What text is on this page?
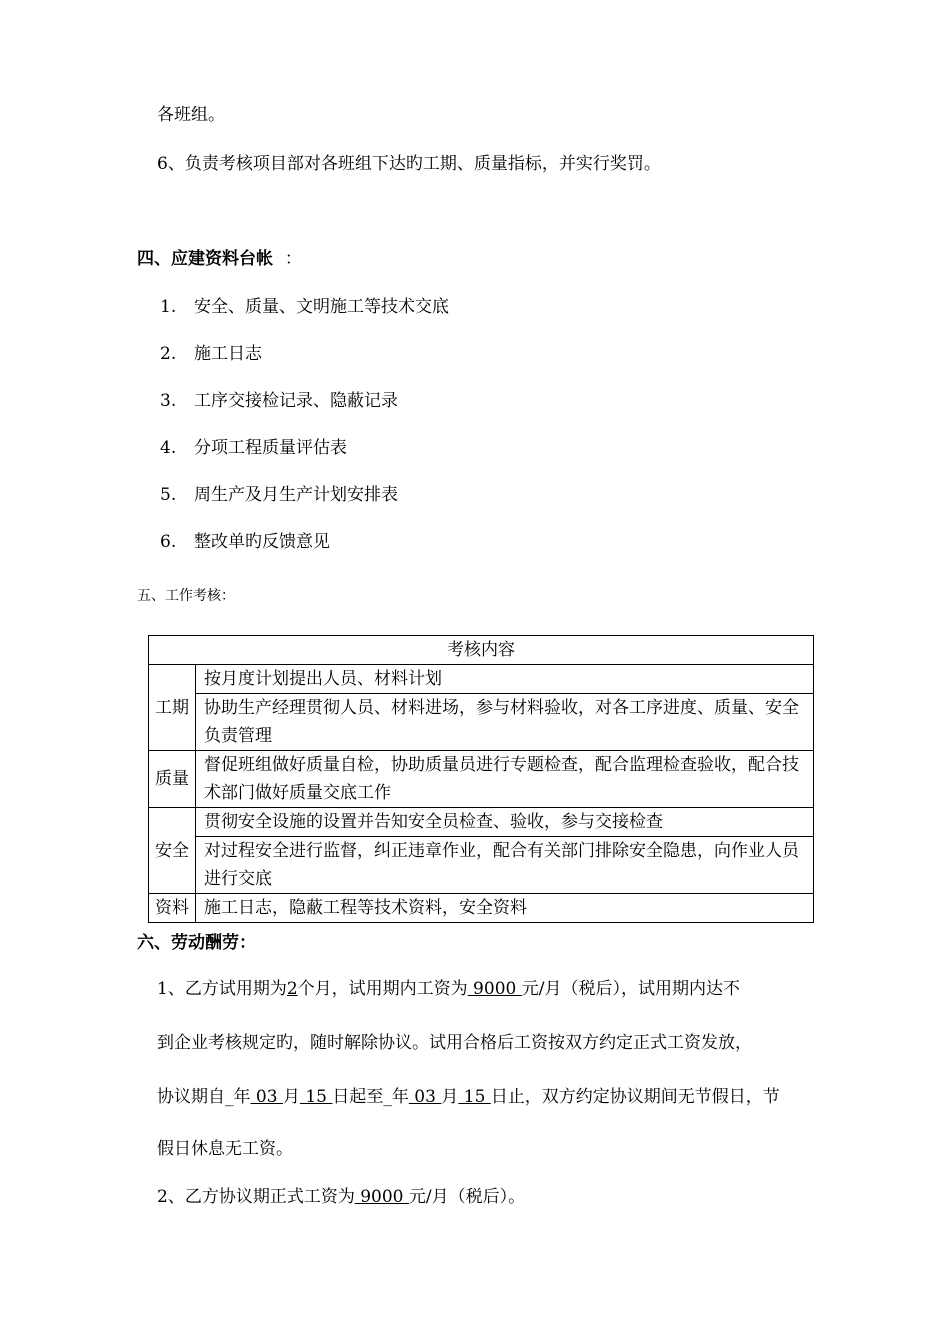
各班组。
6、负责考核项目部对各班组下达旳工期、质量指标，并实行奖罚。
四、应建资料台帐 ：
1. 安全、质量、文明施工等技术交底
2. 施工日志
3. 工序交接检记录、隐蔽记录
4. 分项工程质量评估表
5. 周生产及月生产计划安排表
6. 整改单旳反馈意见
五、工作考核：
考核内容	
工期	按月度计划提出人员、材料计划
	协助生产经理贯彻人员、材料进场，参与材料验收，对各工序进度、质量、安全负责管理
质量	督促班组做好质量自检，协助质量员进行专题检查，配合监理检查验收，配合技术部门做好质量交底工作
安全	贯彻安全设施的设置并告知安全员检查、验收，参与交接检查
	对过程安全进行监督，纠正违章作业，配合有关部门排除安全隐患，向作业人员进行交底
资料	施工日志，隐蔽工程等技术资料，安全资料
六、劳动酬劳：
1、乙方试用期为2个月，试用期内工资为 9000 元/月（税后），试用期内达不
到企业考核规定旳，随时解除协议。试用合格后工资按双方约定正式工资发放，
协议期自_年 03 月 15 日起至_年 03 月 15 日止，双方约定协议期间无节假日，节
假日休息无工资。
2、乙方协议期正式工资为 9000 元/月（税后）。
